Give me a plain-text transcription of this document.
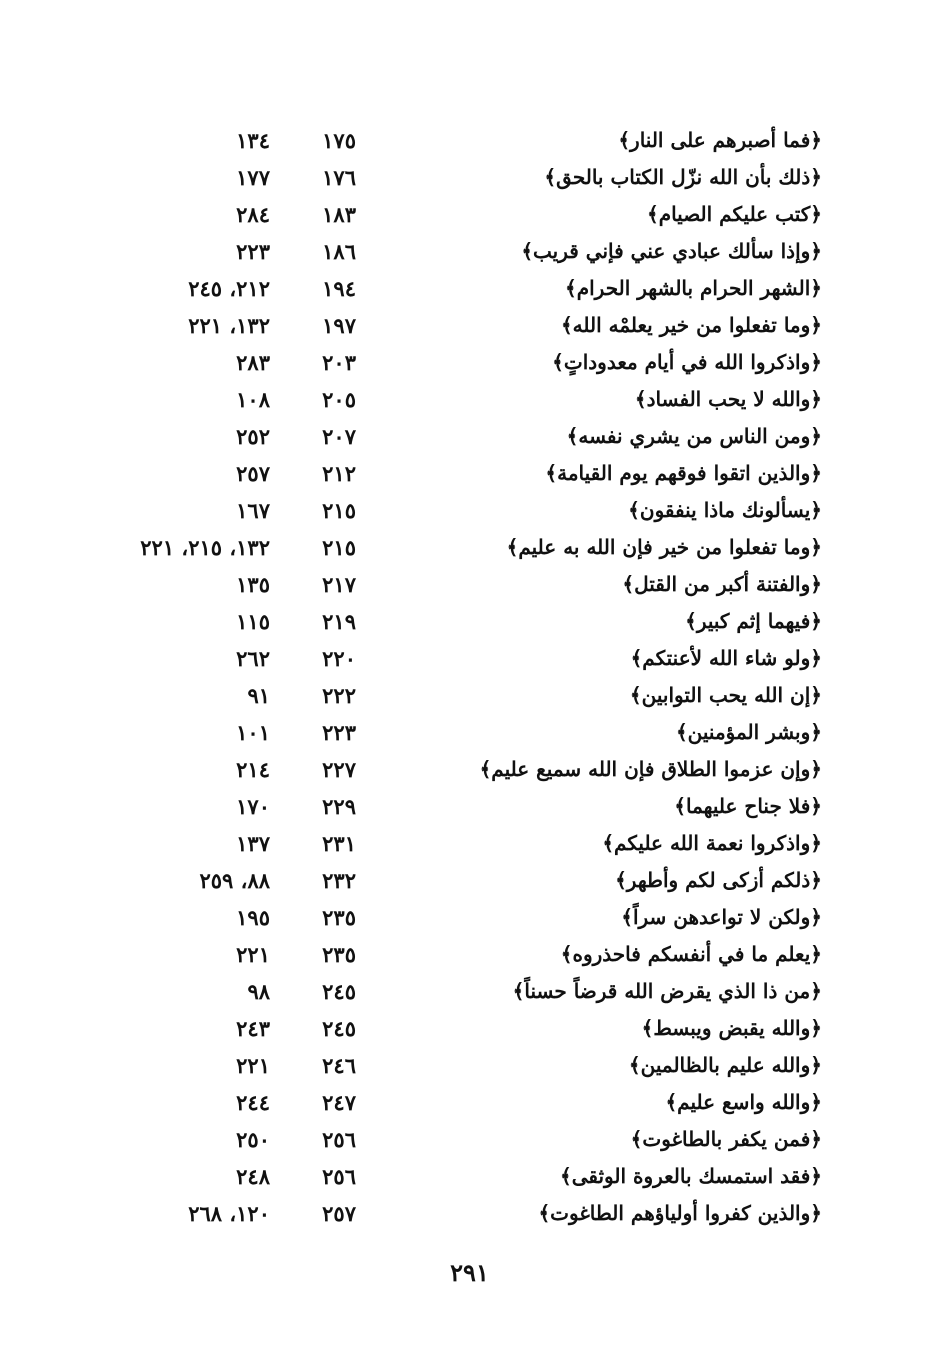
﴿فما أصبرهم على النار﴾
١٧٥
١٣٤
﴿ذلك بأن الله نزّل الكتاب بالحق﴾
١٧٦
١٧٧
﴿كتب عليكم الصيام﴾
١٨٣
٢٨٤
﴿وإذا سألك عبادي عني فإني قريب﴾
١٨٦
٢٢٣
﴿الشهر الحرام بالشهر الحرام﴾
١٩٤
٢١٢، ٢٤٥
﴿وما تفعلوا من خير يعلمْه الله﴾
١٩٧
١٣٢، ٢٢١
﴿واذكروا الله في أيام معدوداتٍ﴾
٢٠٣
٢٨٣
﴿والله لا يحب الفساد﴾
٢٠٥
١٠٨
﴿ومن الناس من يشري نفسه﴾
٢٠٧
٢٥٢
﴿والذين اتقوا فوقهم يوم القيامة﴾
٢١٢
٢٥٧
﴿يسألونك ماذا ينفقون﴾
٢١٥
١٦٧
﴿وما تفعلوا من خير فإن الله به عليم﴾
٢١٥
١٣٢، ٢١٥، ٢٢١
﴿والفتنة أكبر من القتل﴾
٢١٧
١٣٥
﴿فيهما إثم كبير﴾
٢١٩
١١٥
﴿ولو شاء الله لأعنتكم﴾
٢٢٠
٢٦٢
﴿إن الله يحب التوابين﴾
٢٢٢
٩١
﴿وبشر المؤمنين﴾
٢٢٣
١٠١
﴿وإن عزموا الطلاق فإن الله سميع عليم﴾
٢٢٧
٢١٤
﴿فلا جناح عليهما﴾
٢٢٩
١٧٠
﴿واذكروا نعمة الله عليكم﴾
٢٣١
١٣٧
﴿ذلكم أزكى لكم وأطهر﴾
٢٣٢
٨٨، ٢٥٩
﴿ولكن لا تواعدهن سراً﴾
٢٣٥
١٩٥
﴿يعلم ما في أنفسكم فاحذروه﴾
٢٣٥
٢٢١
﴿من ذا الذي يقرض الله قرضاً حسناً﴾
٢٤٥
٩٨
﴿والله يقبض ويبسط﴾
٢٤٥
٢٤٣
﴿والله عليم بالظالمين﴾
٢٤٦
٢٢١
﴿والله واسع عليم﴾
٢٤٧
٢٤٤
﴿فمن يكفر بالطاغوت﴾
٢٥٦
٢٥٠
﴿فقد استمسك بالعروة الوثقى﴾
٢٥٦
٢٤٨
﴿والذين كفروا أولياؤهم الطاغوت﴾
٢٥٧
١٢٠، ٢٦٨
٢٩١
